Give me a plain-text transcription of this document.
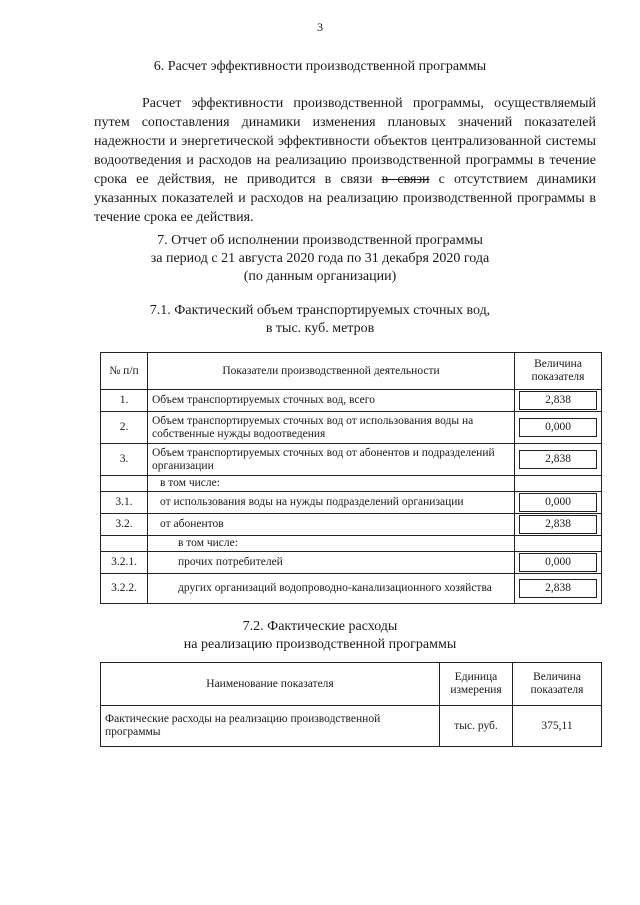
3
6. Расчет эффективности производственной программы

Расчет эффективности производственной программы, осуществляемый путем сопоставления динамики изменения плановых значений показателей надежности и энергетической эффективности объектов централизованной системы водоотведения и расходов на реализацию производственной программы в течение срока ее действия, не приводится в связи в связи с отсутствием динамики указанных показателей и расходов на реализацию производственной программы в течение срока ее действия.

7. Отчет об исполнении производственной программы
за период с 21 августа 2020 года по 31 декабря 2020 года
(по данным организации)
7.1. Фактический объем транспортируемых сточных вод,
в тыс. куб. метров
№ п/п	Показатели производственной деятельности	Величина показателя
1.	Объем транспортируемых сточных вод, всего	2,838

2.	Объем транспортируемых сточных вод от использования воды на собственные нужды водоотведения	0,000

3.	Объем транспортируемых сточных вод от абонентов и подразделений организации	2,838

	в том числе:	

3.1.	от использования воды на нужды подразделений организации	0,000

3.2.	от абонентов	2,838

	в том числе:	

3.2.1.	прочих потребителей	0,000

3.2.2.	других организаций водопроводно-канализационного хозяйства	2,838
7.2. Фактические расходы
на реализацию производственной программы
Наименование показателя	Единица измерения	Величина показателя
Фактические расходы на реализацию производственной программы	тыс. руб.	375,11
